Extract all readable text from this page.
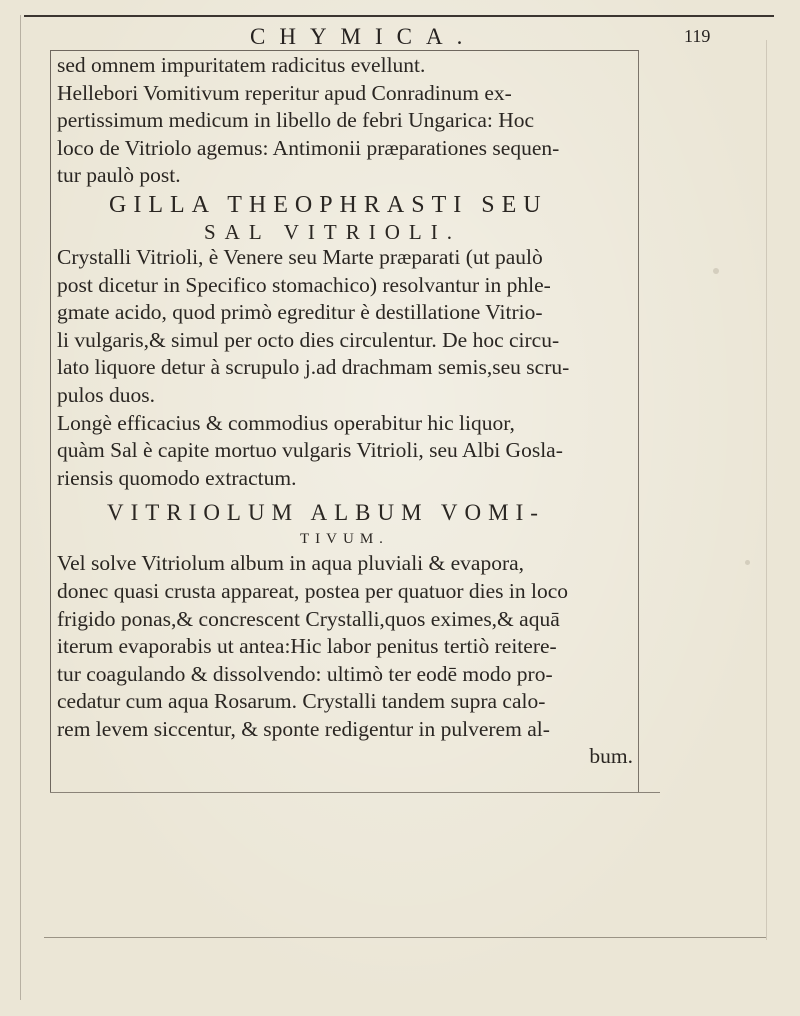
CHYMICA.	119
sed omnem impuritatem radicitus evellunt.
Hellebori Vomitivum reperitur apud Conradinum ex-
pertissimum medicum in libello de febri Ungarica: Hoc
loco de Vitriolo agemus: Antimonii præparationes sequen-
tur paulò post.
GILLA THEOPHRASTI SEU
SAL VITRIOLI.
Crystalli Vitrioli, è Venere seu Marte præparati (ut paulò
post dicetur in Specifico stomachico) resolvantur in phle-
gmate acido, quod primò egreditur è destillatione Vitrio-
li vulgaris,& simul per octo dies circulentur. De hoc circu-
lato liquore detur à scrupulo j.ad drachmam semis,seu scru-
pulos duos.
Longè efficacius & commodius operabitur hic liquor,
quàm Sal è capite mortuo vulgaris Vitrioli, seu Albi Gosla-
riensis quomodo extractum.
VITRIOLUM ALBUM VOMI-
TIVUM.
Vel solve Vitriolum album in aqua pluviali & evapora,
donec quasi crusta appareat, postea per quatuor dies in loco
frigido ponas,& concrescent Crystalli,quos eximes,& aquā
iterum evaporabis ut antea:Hic labor penitus tertiò reitere-
tur coagulando & dissolvendo: ultimò ter eodē modo pro-
cedatur cum aqua Rosarum. Crystalli tandem supra calo-
rem levem siccentur, & sponte redigentur in pulverem al-
bum.
